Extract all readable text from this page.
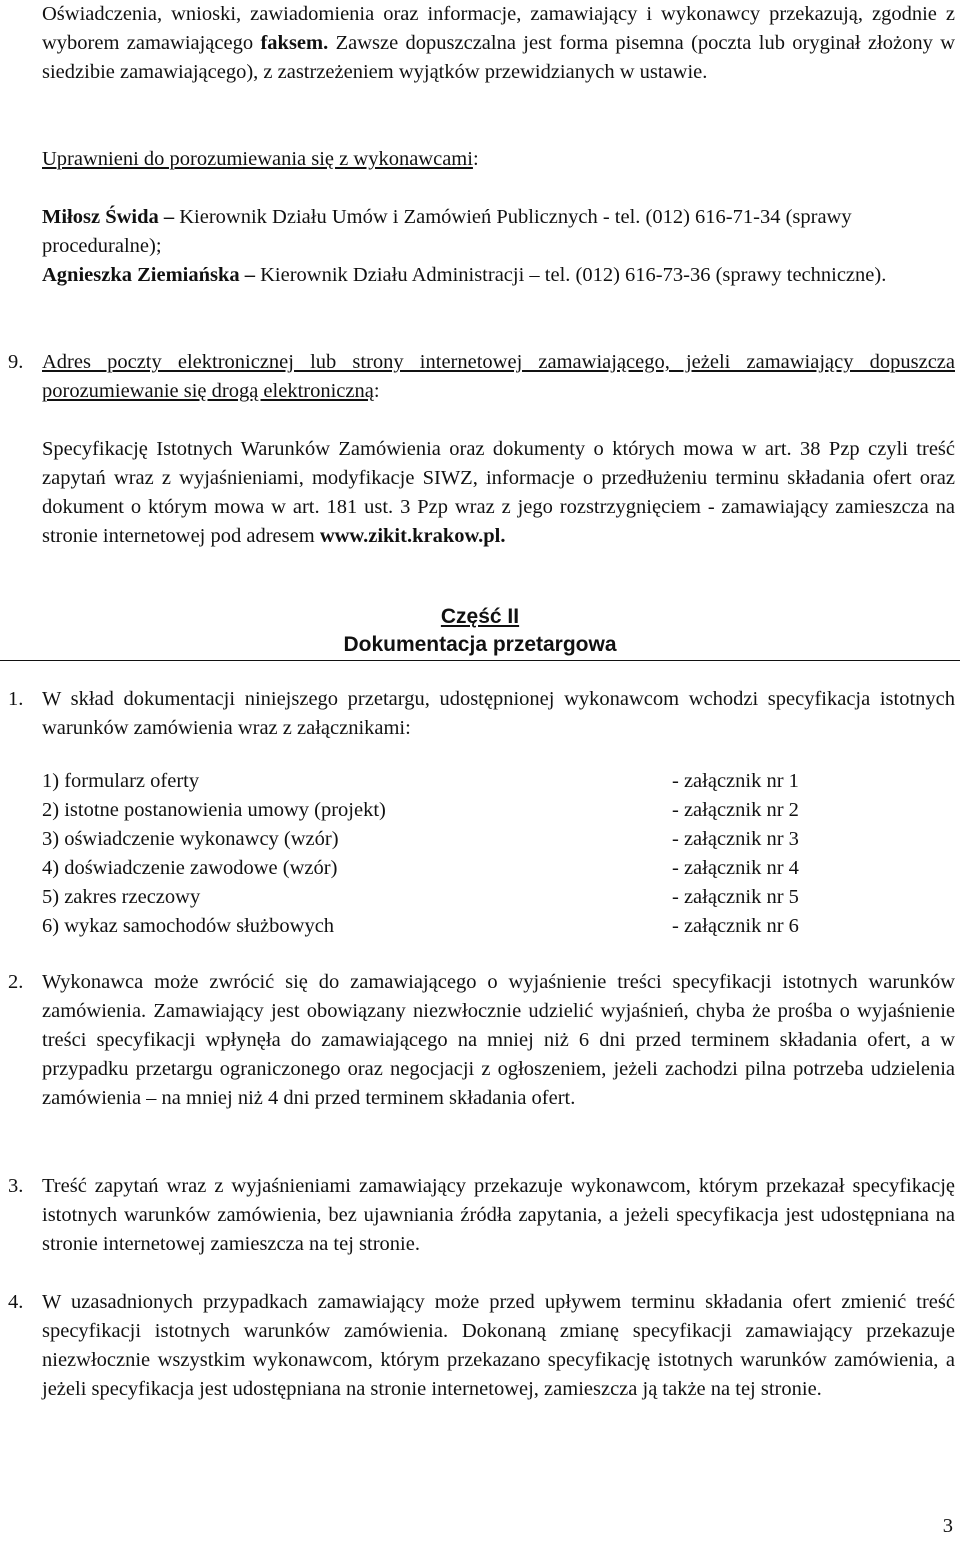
Oświadczenia, wnioski, zawiadomienia oraz informacje, zamawiający i wykonawcy przekazują, zgodnie z wyborem zamawiającego faksem. Zawsze dopuszczalna jest forma pisemna (poczta lub oryginał złożony w siedzibie zamawiającego), z zastrzeżeniem wyjątków przewidzianych w ustawie.

Uprawnieni do porozumiewania się z wykonawcami:

Miłosz Świda – Kierownik Działu Umów i Zamówień Publicznych - tel. (012) 616-71-34 (sprawy proceduralne);

Agnieszka Ziemiańska – Kierownik Działu Administracji – tel. (012) 616-73-36 (sprawy techniczne).

9. Adres poczty elektronicznej lub strony internetowej zamawiającego, jeżeli zamawiający dopuszcza porozumiewanie się drogą elektroniczną:

Specyfikację Istotnych Warunków Zamówienia oraz dokumenty o których mowa w art. 38 Pzp czyli treść zapytań wraz z wyjaśnieniami, modyfikacje SIWZ, informacje o przedłużeniu terminu składania ofert oraz dokument o którym mowa w art. 181 ust. 3 Pzp wraz z jego rozstrzygnięciem - zamawiający zamieszcza na stronie internetowej pod adresem www.zikit.krakow.pl.

Część II
Dokumentacja przetargowa
1. W skład dokumentacji niniejszego przetargu, udostępnionej wykonawcom wchodzi specyfikacja istotnych warunków zamówienia wraz z załącznikami:

1) formularz oferty	- załącznik nr 1
2) istotne postanowienia umowy (projekt)	- załącznik nr 2
3) oświadczenie wykonawcy (wzór)	- załącznik nr 3
4) doświadczenie zawodowe (wzór)	- załącznik nr 4
5) zakres rzeczowy	- załącznik nr 5
6) wykaz samochodów służbowych	- załącznik nr 6
2. Wykonawca może zwrócić się do zamawiającego o wyjaśnienie treści specyfikacji istotnych warunków zamówienia. Zamawiający jest obowiązany niezwłocznie udzielić wyjaśnień, chyba że prośba o wyjaśnienie treści specyfikacji wpłynęła do zamawiającego na mniej niż 6 dni przed terminem składania ofert, a w przypadku przetargu ograniczonego oraz negocjacji z ogłoszeniem, jeżeli zachodzi pilna potrzeba udzielenia zamówienia – na mniej niż 4 dni przed terminem składania ofert.

3. Treść zapytań wraz z wyjaśnieniami zamawiający przekazuje wykonawcom, którym przekazał specyfikację istotnych warunków zamówienia, bez ujawniania źródła zapytania, a jeżeli specyfikacja jest udostępniana na stronie internetowej zamieszcza na tej stronie.

4. W uzasadnionych przypadkach zamawiający może przed upływem terminu składania ofert zmienić treść specyfikacji istotnych warunków zamówienia. Dokonaną zmianę specyfikacji zamawiający przekazuje niezwłocznie wszystkim wykonawcom, którym przekazano specyfikację istotnych warunków zamówienia, a jeżeli specyfikacja jest udostępniana na stronie internetowej, zamieszcza ją także na tej stronie.

3
